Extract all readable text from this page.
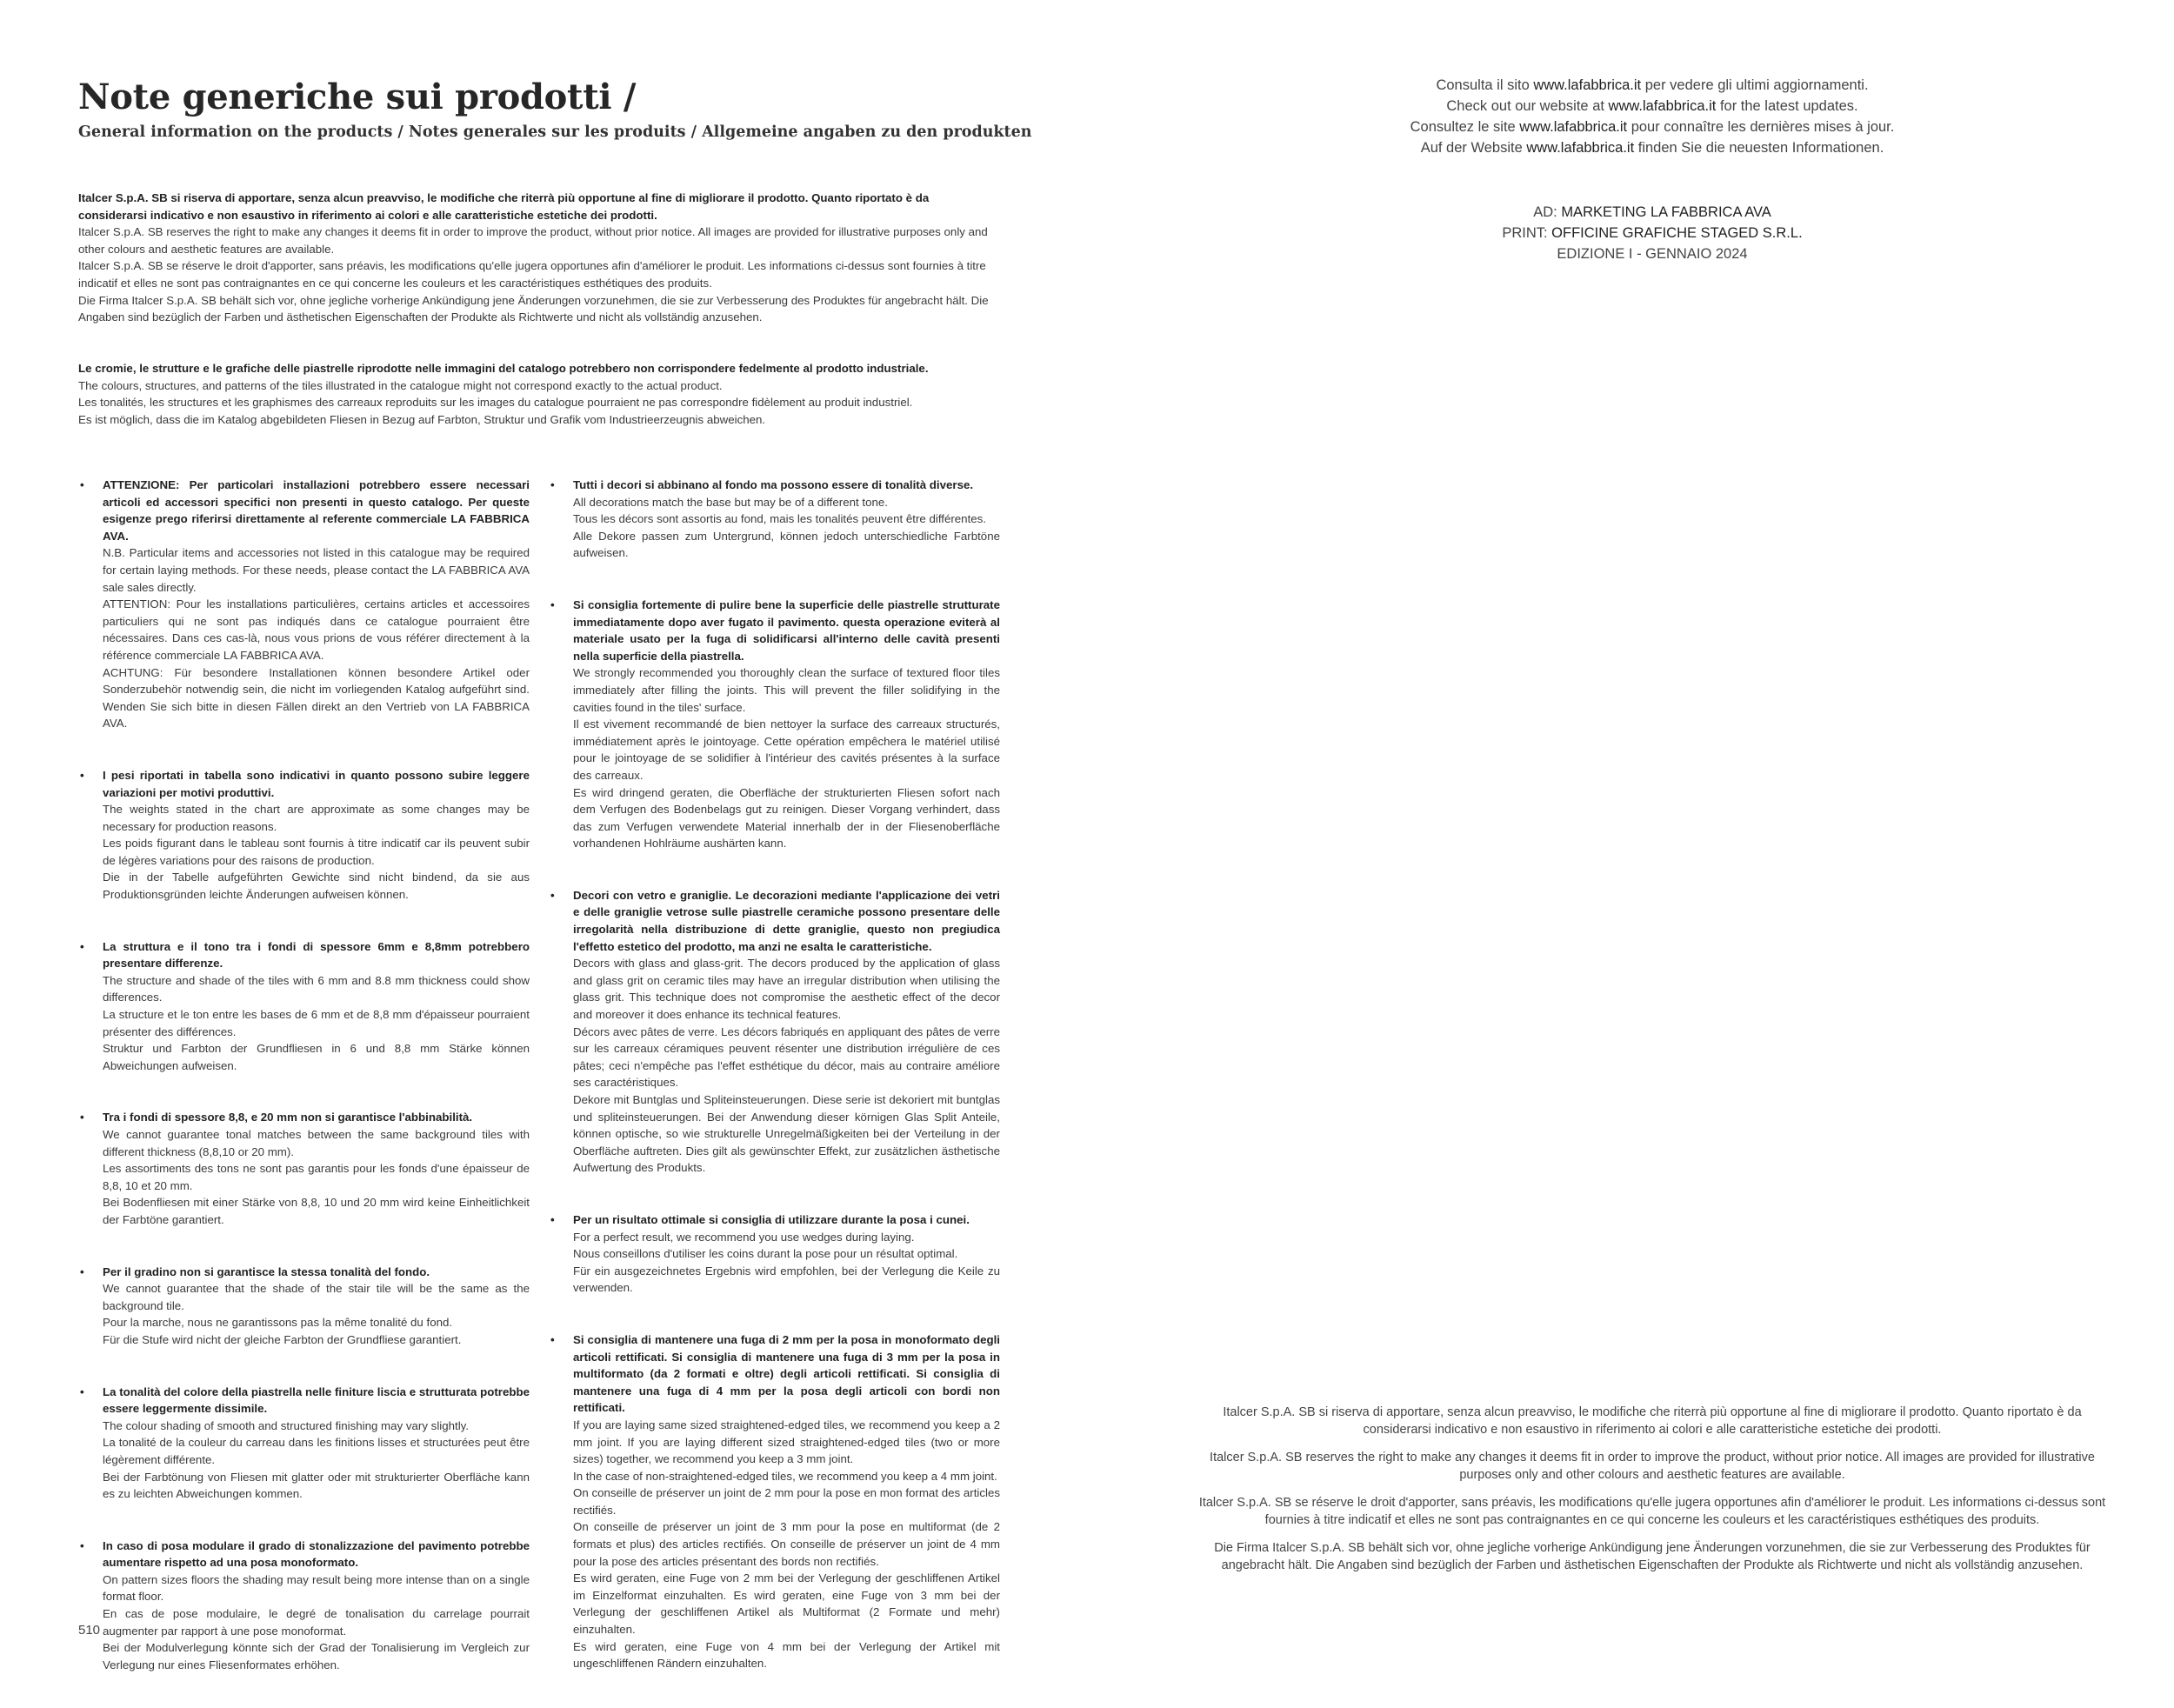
Note generiche sui prodotti /
General information on the products / Notes generales sur les produits / Allgemeine angaben zu den produkten

Italcer S.p.A. SB si riserva di apportare, senza alcun preavviso, le modifiche che riterrà più opportune al fine di migliorare il prodotto. Quanto riportato è da considerarsi indicativo e non esaustivo in riferimento ai colori e alle caratteristiche estetiche dei prodotti.

Italcer S.p.A. SB reserves the right to make any changes it deems fit in order to improve the product, without prior notice. All images are provided for illustrative purposes only and other colours and aesthetic features are available.

Italcer S.p.A. SB se réserve le droit d'apporter, sans préavis, les modifications qu'elle jugera opportunes afin d'améliorer le produit. Les informations ci-dessus sont fournies à titre indicatif et elles ne sont pas contraignantes en ce qui concerne les couleurs et les caractéristiques esthétiques des produits.

Die Firma Italcer S.p.A. SB behält sich vor, ohne jegliche vorherige Ankündigung jene Änderungen vorzunehmen, die sie zur Verbesserung des Produktes für angebracht hält. Die Angaben sind bezüglich der Farben und ästhetischen Eigenschaften der Produkte als Richtwerte und nicht als vollständig anzusehen.

Le cromie, le strutture e le grafiche delle piastrelle riprodotte nelle immagini del catalogo potrebbero non corrispondere fedelmente al prodotto industriale.

The colours, structures, and patterns of the tiles illustrated in the catalogue might not correspond exactly to the actual product.

Les tonalités, les structures et les graphismes des carreaux reproduits sur les images du catalogue pourraient ne pas correspondre fidèlement au produit industriel.

Es ist möglich, dass die im Katalog abgebildeten Fliesen in Bezug auf Farbton, Struktur und Grafik vom Industrieerzeugnis abweichen.

• ATTENZIONE: Per particolari installazioni potrebbero essere necessari articoli ed accessori specifici non presenti in questo catalogo. Per queste esigenze prego riferirsi direttamente al referente commerciale LA FABBRICA AVA.

N.B. Particular items and accessories not listed in this catalogue may be required for certain laying methods. For these needs, please contact the LA FABBRICA AVA sale sales directly.

ATTENTION: Pour les installations particulières, certains articles et accessoires particuliers qui ne sont pas indiqués dans ce catalogue pourraient être nécessaires. Dans ces cas-là, nous vous prions de vous référer directement à la référence commerciale LA FABBRICA AVA.

ACHTUNG: Für besondere Installationen können besondere Artikel oder Sonderzubehör notwendig sein, die nicht im vorliegenden Katalog aufgeführt sind. Wenden Sie sich bitte in diesen Fällen direkt an den Vertrieb von LA FABBRICA AVA.

• I pesi riportati in tabella sono indicativi in quanto possono subire leggere variazioni per motivi produttivi.

The weights stated in the chart are approximate as some changes may be necessary for production reasons.

Les poids figurant dans le tableau sont fournis à titre indicatif car ils peuvent subir de légères variations pour des raisons de production.

Die in der Tabelle aufgeführten Gewichte sind nicht bindend, da sie aus Produktionsgründen leichte Änderungen aufweisen können.

• La struttura e il tono tra i fondi di spessore 6mm e 8,8mm potrebbero presentare differenze.

The structure and shade of the tiles with 6 mm and 8.8 mm thickness could show differences.

La structure et le ton entre les bases de 6 mm et de 8,8 mm d'épaisseur pourraient présenter des différences.

Struktur und Farbton der Grundfliesen in 6 und 8,8 mm Stärke können Abweichungen aufweisen.

• Tra i fondi di spessore 8,8, e 20 mm non si garantisce l'abbinabilità.

We cannot guarantee tonal matches between the same background tiles with different thickness (8,8,10 or 20 mm).

Les assortiments des tons ne sont pas garantis pour les fonds d'une épaisseur de 8,8, 10 et 20 mm.

Bei Bodenfliesen mit einer Stärke von 8,8, 10 und 20 mm wird keine Einheitlichkeit der Farbtöne garantiert.

• Per il gradino non si garantisce la stessa tonalità del fondo.

We cannot guarantee that the shade of the stair tile will be the same as the background tile.

Pour la marche, nous ne garantissons pas la même tonalité du fond.

Für die Stufe wird nicht der gleiche Farbton der Grundfliese garantiert.

• La tonalità del colore della piastrella nelle finiture liscia e strutturata potrebbe essere leggermente dissimile.

The colour shading of smooth and structured finishing may vary slightly.

La tonalité de la couleur du carreau dans les finitions lisses et structurées peut être légèrement différente.

Bei der Farbtönung von Fliesen mit glatter oder mit strukturierter Oberfläche kann es zu leichten Abweichungen kommen.

• In caso di posa modulare il grado di stonalizzazione del pavimento potrebbe aumentare rispetto ad una posa monoformato.

On pattern sizes floors the shading may result being more intense than on a single format floor.

En cas de pose modulaire, le degré de tonalisation du carrelage pourrait augmenter par rapport à une pose monoformat.

Bei der Modulverlegung könnte sich der Grad der Tonalisierung im Vergleich zur Verlegung nur eines Fliesenformates erhöhen.

• Tutti i decori si abbinano al fondo ma possono essere di tonalità diverse.

All decorations match the base but may be of a different tone.

Tous les décors sont assortis au fond, mais les tonalités peuvent être différentes.

Alle Dekore passen zum Untergrund, können jedoch unterschiedliche Farbtöne aufweisen.

• Si consiglia fortemente di pulire bene la superficie delle piastrelle strutturate immediatamente dopo aver fugato il pavimento. questa operazione eviterà al materiale usato per la fuga di solidificarsi all'interno delle cavità presenti nella superficie della piastrella.

We strongly recommended you thoroughly clean the surface of textured floor tiles immediately after filling the joints. This will prevent the filler solidifying in the cavities found in the tiles' surface.

Il est vivement recommandé de bien nettoyer la surface des carreaux structurés, immédiatement après le jointoyage. Cette opération empêchera le matériel utilisé pour le jointoyage de se solidifier à l'intérieur des cavités présentes à la surface des carreaux.

Es wird dringend geraten, die Oberfläche der strukturierten Fliesen sofort nach dem Verfugen des Bodenbelags gut zu reinigen. Dieser Vorgang verhindert, dass das zum Verfugen verwendete Material innerhalb der in der Fliesenoberfläche vorhandenen Hohlräume aushärten kann.

• Decori con vetro e graniglie. Le decorazioni mediante l'applicazione dei vetri e delle graniglie vetrose sulle piastrelle ceramiche possono presentare delle irregolarità nella distribuzione di dette graniglie, questo non pregiudica l'effetto estetico del prodotto, ma anzi ne esalta le caratteristiche.

Decors with glass and glass-grit. The decors produced by the application of glass and glass grit on ceramic tiles may have an irregular distribution when utilising the glass grit. This technique does not compromise the aesthetic effect of the decor and moreover it does enhance its technical features.

Décors avec pâtes de verre. Les décors fabriqués en appliquant des pâtes de verre sur les carreaux céramiques peuvent résenter une distribution irrégulière de ces pâtes; ceci n'empêche pas l'effet esthétique du décor, mais au contraire améliore ses caractéristiques.

Dekore mit Buntglas und Spliteinsteuerungen. Diese serie ist dekoriert mit buntglas und spliteinsteuerungen. Bei der Anwendung dieser körnigen Glas Split Anteile, können optische, so wie strukturelle Unregelmäßigkeiten bei der Verteilung in der Oberfläche auftreten. Dies gilt als gewünschter Effekt, zur zusätzlichen ästhetische Aufwertung des Produkts.

• Per un risultato ottimale si consiglia di utilizzare durante la posa i cunei.

For a perfect result, we recommend you use wedges during laying.

Nous conseillons d'utiliser les coins durant la pose pour un résultat optimal.

Für ein ausgezeichnetes Ergebnis wird empfohlen, bei der Verlegung die Keile zu verwenden.

• Si consiglia di mantenere una fuga di 2 mm per la posa in monoformato degli articoli rettificati. Si consiglia di mantenere una fuga di 3 mm per la posa in multiformato (da 2 formati e oltre) degli articoli rettificati. Si consiglia di mantenere una fuga di 4 mm per la posa degli articoli con bordi non rettificati.

If you are laying same sized straightened-edged tiles, we recommend you keep a 2 mm joint. If you are laying different sized straightened-edged tiles (two or more sizes) together, we recommend you keep a 3 mm joint.

In the case of non-straightened-edged tiles, we recommend you keep a 4 mm joint.

On conseille de préserver un joint de 2 mm pour la pose en mon format des articles rectifiés.

On conseille de préserver un joint de 3 mm pour la pose en multiformat (de 2 formats et plus) des articles rectifiés. On conseille de préserver un joint de 4 mm pour la pose des articles présentant des bords non rectifiés.

Es wird geraten, eine Fuge von 2 mm bei der Verlegung der geschliffenen Artikel im Einzelformat einzuhalten. Es wird geraten, eine Fuge von 3 mm bei der Verlegung der geschliffenen Artikel als Multiformat (2 Formate und mehr) einzuhalten.

Es wird geraten, eine Fuge von 4 mm bei der Verlegung der Artikel mit ungeschliffenen Rändern einzuhalten.

Consulta il sito www.lafabbrica.it per vedere gli ultimi aggiornamenti.

Check out our website at www.lafabbrica.it for the latest updates.

Consultez le site www.lafabbrica.it pour connaître les dernières mises à jour.

Auf der Website www.lafabbrica.it finden Sie die neuesten Informationen.

AD: MARKETING LA FABBRICA AVA

PRINT: OFFICINE GRAFICHE STAGED S.R.L.

EDIZIONE I - GENNAIO 2024

Italcer S.p.A. SB si riserva di apportare, senza alcun preavviso, le modifiche che riterrà più opportune al fine di migliorare il prodotto. Quanto riportato è da considerarsi indicativo e non esaustivo in riferimento ai colori e alle caratteristiche estetiche dei prodotti.

Italcer S.p.A. SB reserves the right to make any changes it deems fit in order to improve the product, without prior notice. All images are provided for illustrative purposes only and other colours and aesthetic features are available.

Italcer S.p.A. SB se réserve le droit d'apporter, sans préavis, les modifications qu'elle jugera opportunes afin d'améliorer le produit. Les informations ci-dessus sont fournies à titre indicatif et elles ne sont pas contraignantes en ce qui concerne les couleurs et les caractéristiques esthétiques des produits.

Die Firma Italcer S.p.A. SB behält sich vor, ohne jegliche vorherige Ankündigung jene Änderungen vorzunehmen, die sie zur Verbesserung des Produktes für angebracht hält. Die Angaben sind bezüglich der Farben und ästhetischen Eigenschaften der Produkte als Richtwerte und nicht als vollständig anzusehen.

510
